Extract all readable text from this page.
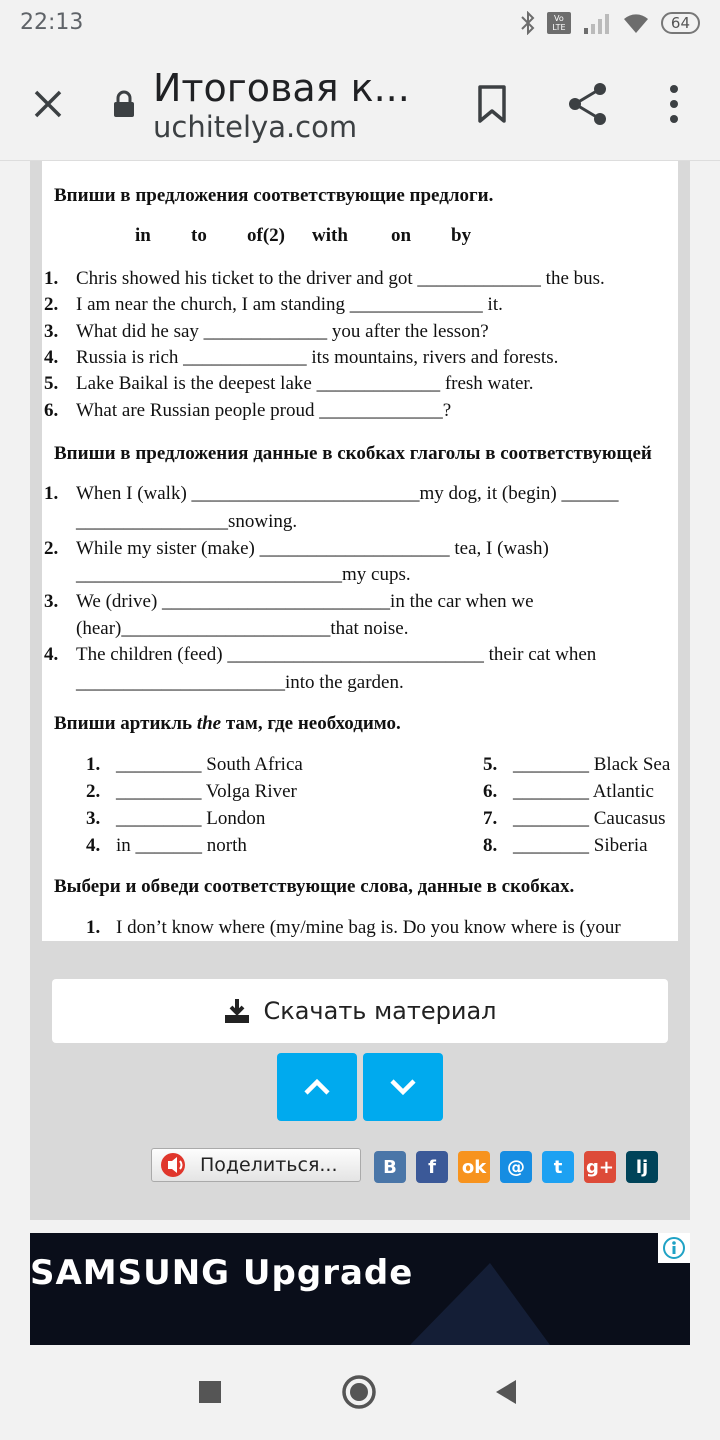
22:13	Vo LTE	64
Итоговая к...
uchitelya.com
Впиши в предложения соответствующие предлоги.
in to of(2) with on by
1. Chris showed his ticket to the driver and got _____________ the bus.
2. I am near the church, I am standing ______________ it.
3. What did he say _____________ you after the lesson?
4. Russia is rich _____________ its mountains, rivers and forests.
5. Lake Baikal is the deepest lake _____________ fresh water.
6. What are Russian people proud _____________?
Впиши в предложения данные в скобках глаголы в соответствующей
1. When I (walk) ________________________my dog, it (begin) ______
________________snowing.
2. While my sister (make) ____________________ tea, I (wash)
____________________________my cups.
3. We (drive) ________________________in the car when we
(hear)______________________that noise.
4. The children (feed) ___________________________ their cat when
______________________into the garden.
Впиши артикль the там, где необходимо.
1. _________ South Africa
2. _________ Volga River
3. _________ London
4. in _______ north
5. ________ Black Sea
6. ________ Atlantic
7. ________ Caucasus
8. ________ Siberia
Выбери и обведи соответствующие слова, данные в скобках.
1. I don’t know where (my/mine bag is. Do you know where is (your
Скачать материал
Поделиться...	B	f	ok	@	t	g+	lj
SAMSUNG Upgrade
